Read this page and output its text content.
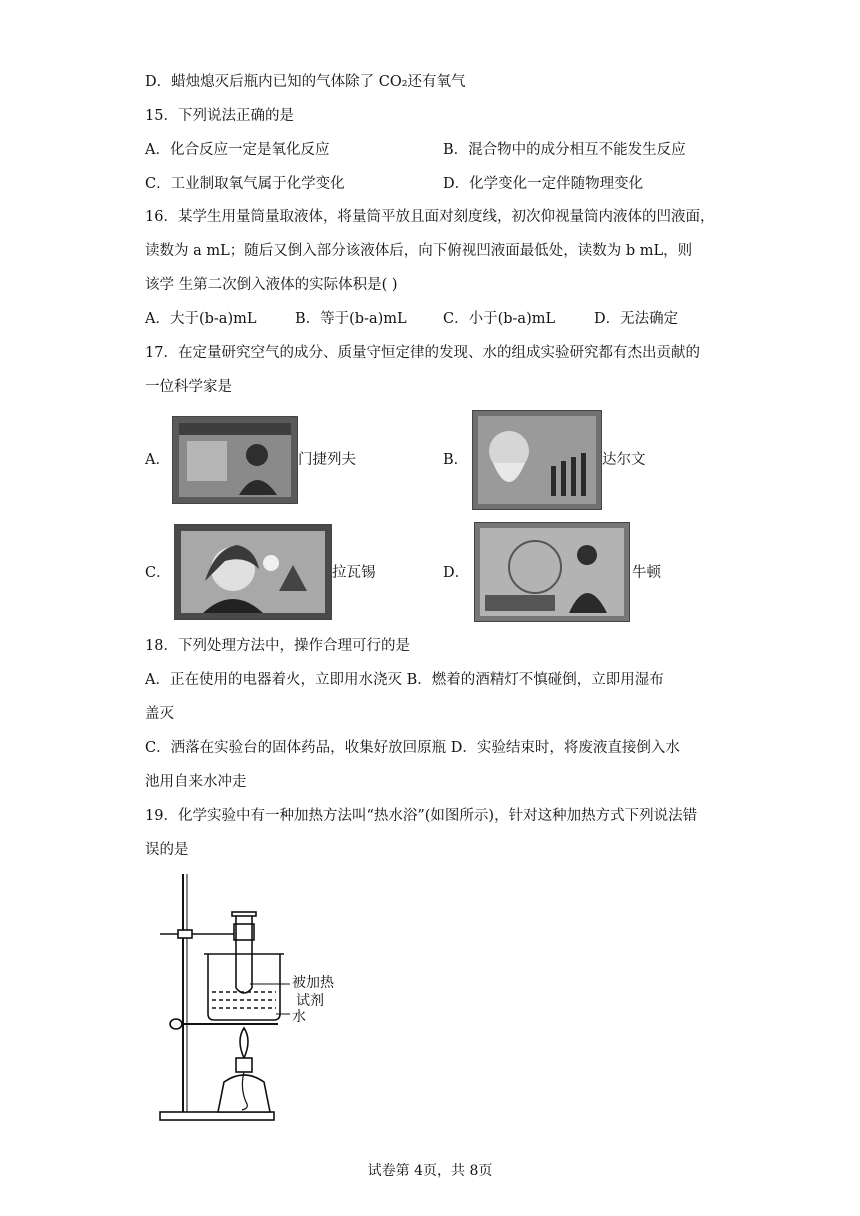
D．蜡烛熄灭后瓶内已知的气体除了 CO₂还有氧气
15．下列说法正确的是
A．化合反应一定是氧化反应	B．混合物中的成分相互不能发生反应
C．工业制取氧气属于化学变化	D．化学变化一定伴随物理变化
16．某学生用量筒量取液体，将量筒平放且面对刻度线，初次仰视量筒内液体的凹液面，
读数为 a mL；随后又倒入部分该液体后，向下俯视凹液面最低处，读数为 b mL，则
该学 生第二次倒入液体的实际体积是( )
A．大于(b-a)mL	B．等于(b-a)mL	C．小于(b-a)mL	D．无法确定
17．在定量研究空气的成分、质量守恒定律的发现、水的组成实验研究都有杰出贡献的
一位科学家是
A．	门捷列夫	B．	达尔文
C．	拉瓦锡	D．	牛顿
18．下列处理方法中，操作合理可行的是
A．正在使用的电器着火，立即用水浇灭 B．燃着的酒精灯不慎碰倒，立即用湿布
盖灭
C．洒落在实验台的固体药品，收集好放回原瓶 D．实验结束时，将废液直接倒入水
池用自来水冲走
19．化学实验中有一种加热方法叫“热水浴”(如图所示)，针对这种加热方式下列说法错
误的是
被加热
试剂
水
试卷第 4页，共 8页
